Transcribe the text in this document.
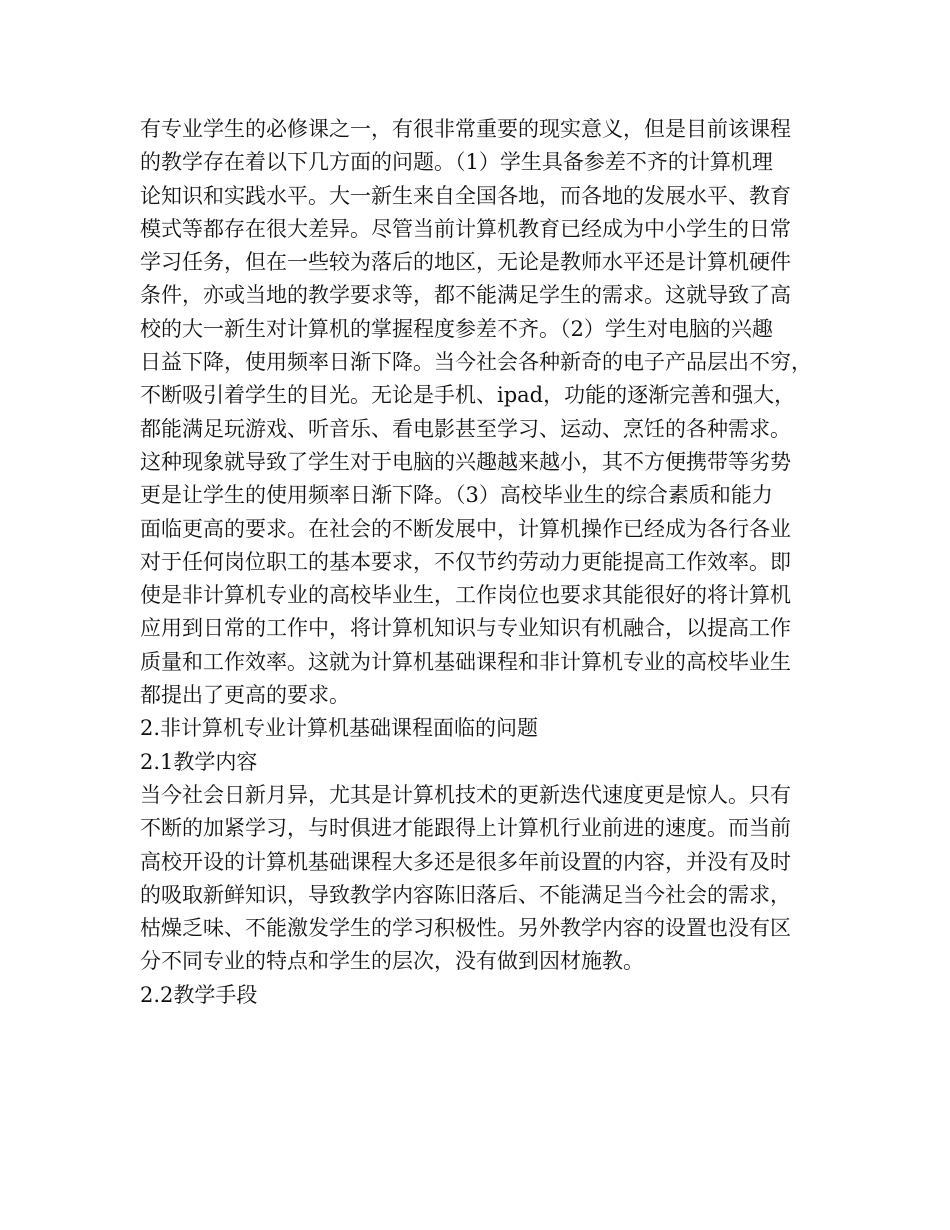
有专业学生的必修课之一，有很非常重要的现实意义，但是目前该课程
的教学存在着以下几方面的问题。（1）学生具备参差不齐的计算机理
论知识和实践水平。大一新生来自全国各地，而各地的发展水平、教育
模式等都存在很大差异。尽管当前计算机教育已经成为中小学生的日常
学习任务，但在一些较为落后的地区，无论是教师水平还是计算机硬件
条件，亦或当地的教学要求等，都不能满足学生的需求。这就导致了高
校的大一新生对计算机的掌握程度参差不齐。（2）学生对电脑的兴趣
日益下降，使用频率日渐下降。当今社会各种新奇的电子产品层出不穷，
不断吸引着学生的目光。无论是手机、ipad，功能的逐渐完善和强大，
都能满足玩游戏、听音乐、看电影甚至学习、运动、烹饪的各种需求。
这种现象就导致了学生对于电脑的兴趣越来越小，其不方便携带等劣势
更是让学生的使用频率日渐下降。（3）高校毕业生的综合素质和能力
面临更高的要求。在社会的不断发展中，计算机操作已经成为各行各业
对于任何岗位职工的基本要求，不仅节约劳动力更能提高工作效率。即
使是非计算机专业的高校毕业生，工作岗位也要求其能很好的将计算机
应用到日常的工作中，将计算机知识与专业知识有机融合，以提高工作
质量和工作效率。这就为计算机基础课程和非计算机专业的高校毕业生
都提出了更高的要求。
2.非计算机专业计算机基础课程面临的问题
2.1教学内容
当今社会日新月异，尤其是计算机技术的更新迭代速度更是惊人。只有
不断的加紧学习，与时俱进才能跟得上计算机行业前进的速度。而当前
高校开设的计算机基础课程大多还是很多年前设置的内容，并没有及时
的吸取新鲜知识，导致教学内容陈旧落后、不能满足当今社会的需求，
枯燥乏味、不能激发学生的学习积极性。另外教学内容的设置也没有区
分不同专业的特点和学生的层次，没有做到因材施教。
2.2教学手段
